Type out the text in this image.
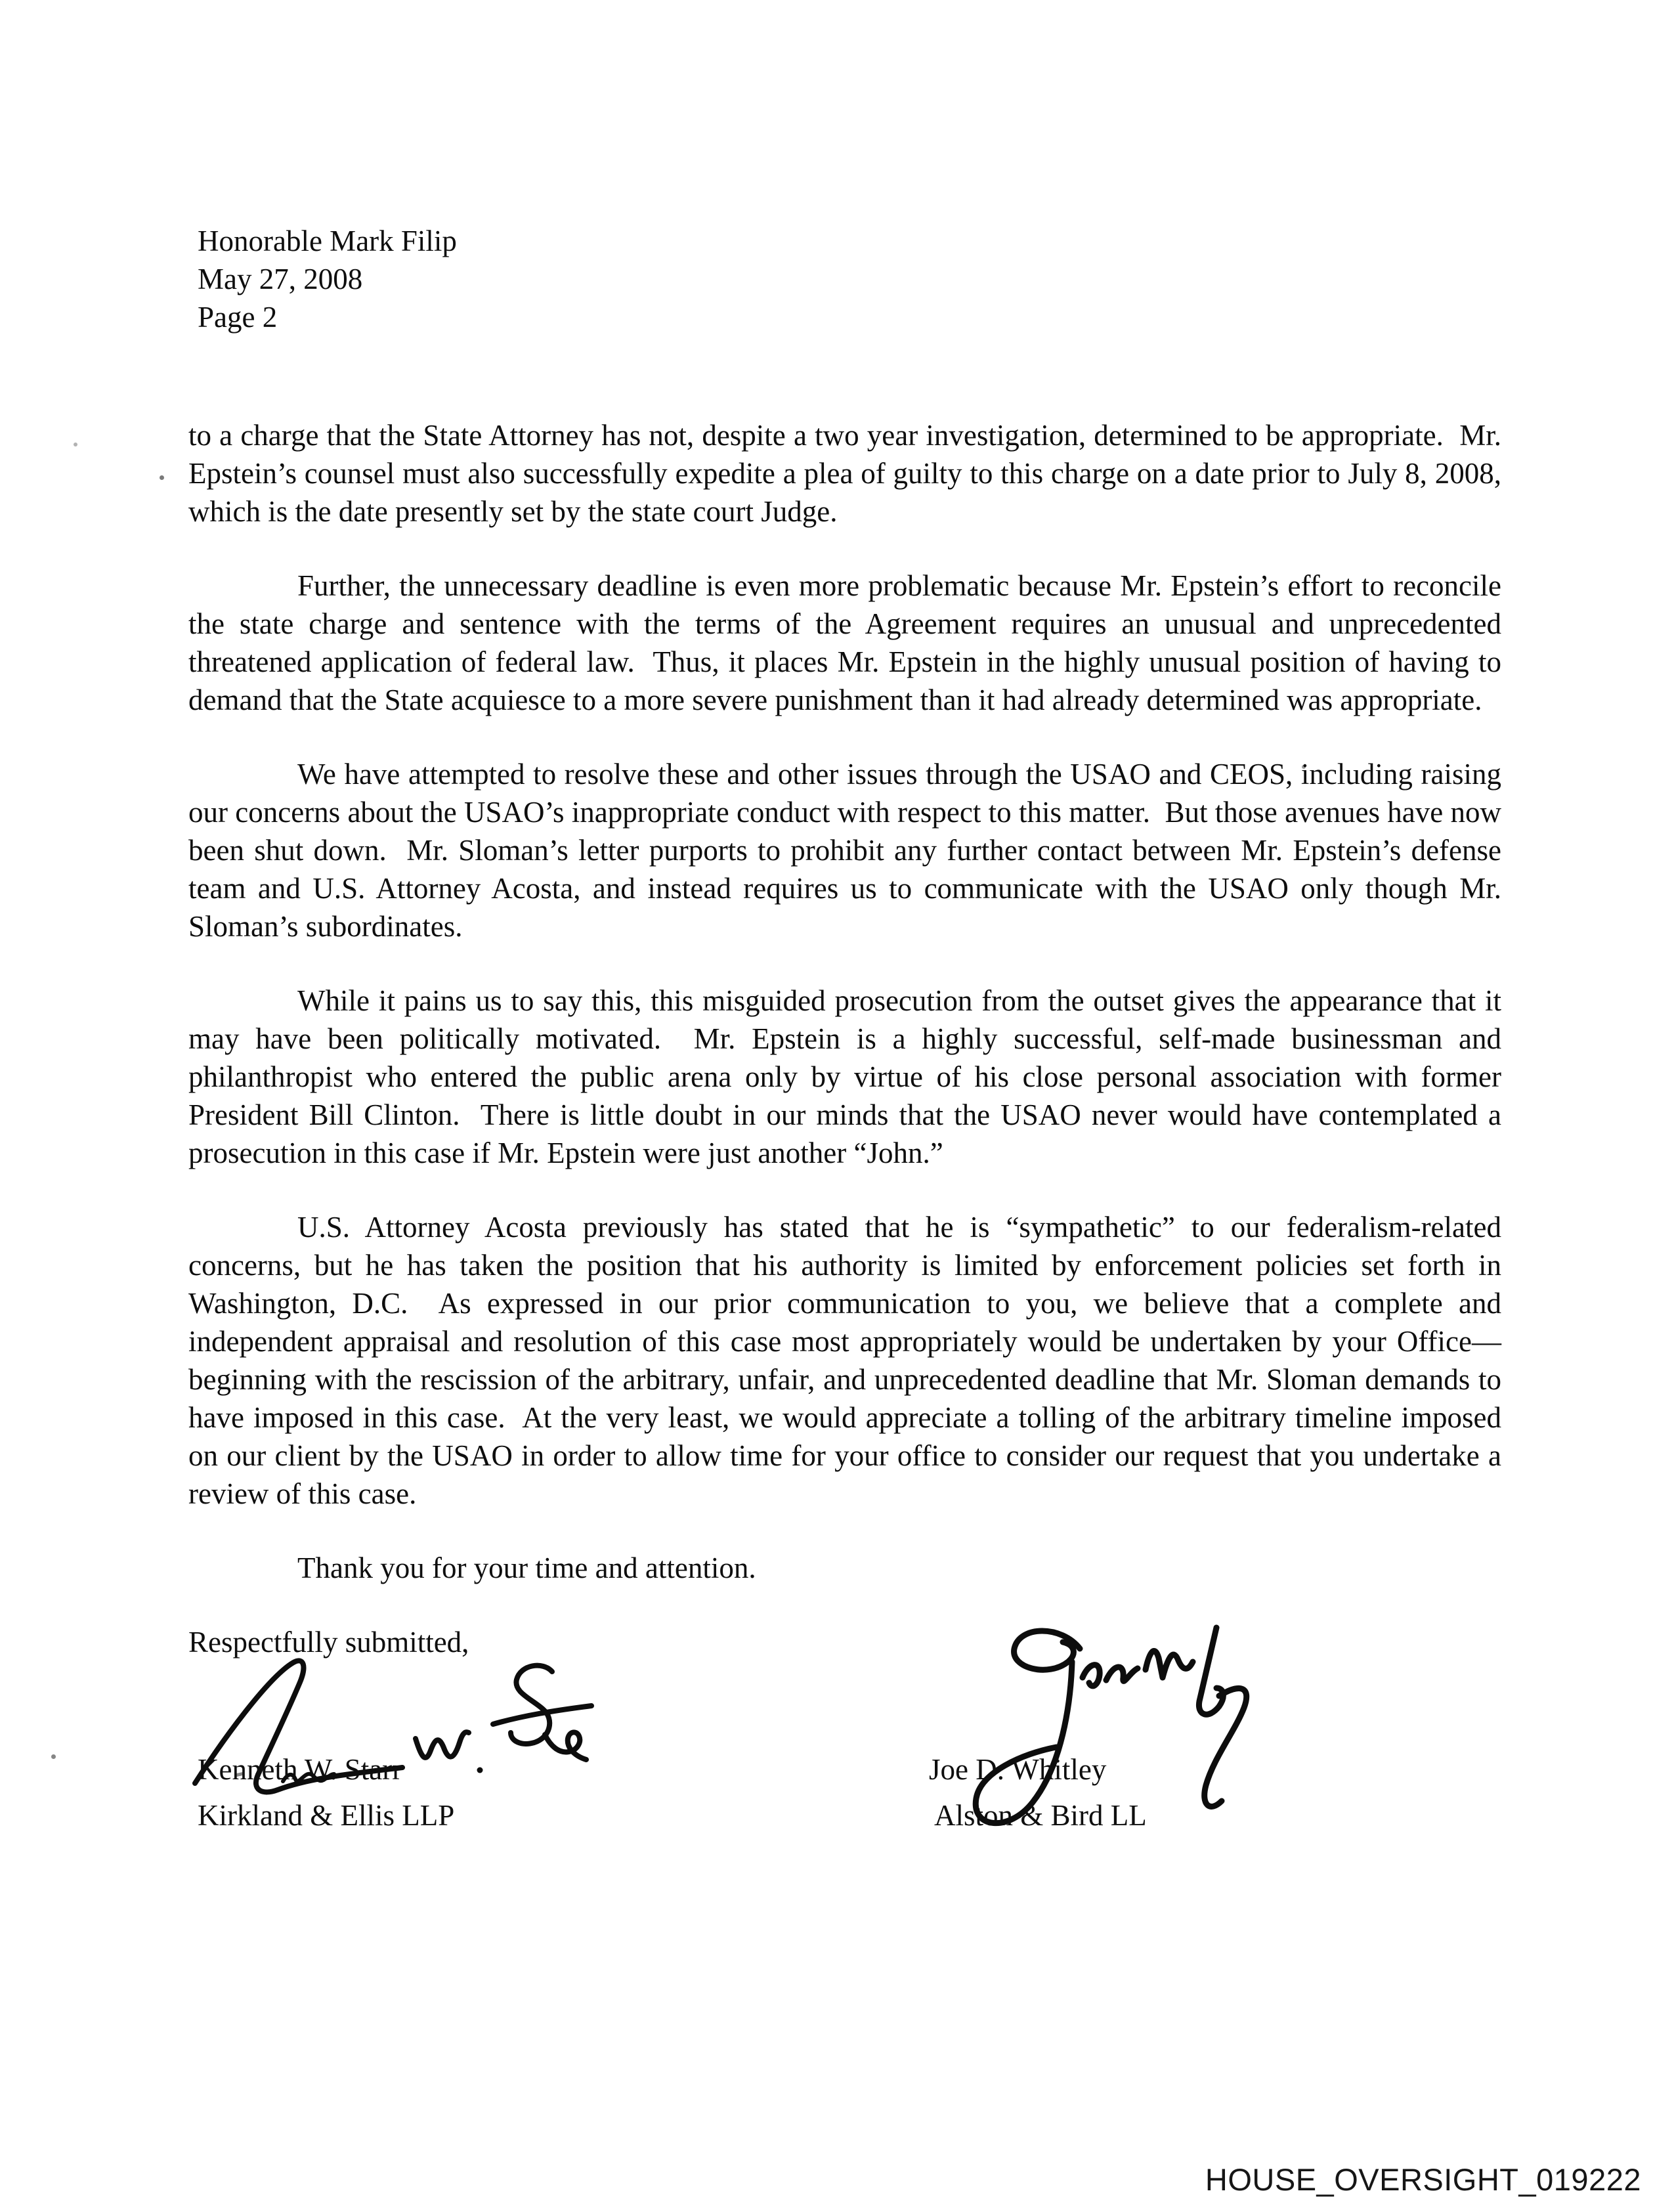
Honorable Mark Filip

May 27, 2008

Page 2

to a charge that the State Attorney has not, despite a two year investigation, determined to be appropriate.  Mr. Epstein’s counsel must also successfully expedite a plea of guilty to this charge on a date prior to July 8, 2008, which is the date presently set by the state court Judge.

Further, the unnecessary deadline is even more problematic because Mr. Epstein’s effort to reconcile the state charge and sentence with the terms of the Agreement requires an unusual and unprecedented threatened application of federal law.  Thus, it places Mr. Epstein in the highly unusual position of having to demand that the State acquiesce to a more severe punishment than it had already determined was appropriate.

We have attempted to resolve these and other issues through the USAO and CEOS, including raising our concerns about the USAO’s inappropriate conduct with respect to this matter.  But those avenues have now been shut down.  Mr. Sloman’s letter purports to prohibit any further contact between Mr. Epstein’s defense team and U.S. Attorney Acosta, and instead requires us to communicate with the USAO only though Mr. Sloman’s subordinates.

While it pains us to say this, this misguided prosecution from the outset gives the appearance that it may have been politically motivated.  Mr. Epstein is a highly successful, self-made businessman and philanthropist who entered the public arena only by virtue of his close personal association with former President Bill Clinton.  There is little doubt in our minds that the USAO never would have contemplated a prosecution in this case if Mr. Epstein were just another “John.”

U.S. Attorney Acosta previously has stated that he is “sympathetic” to our federalism-related concerns, but he has taken the position that his authority is limited by enforcement policies set forth in Washington, D.C.  As expressed in our prior communication to you, we believe that a complete and independent appraisal and resolution of this case most appropriately would be undertaken by your Office—beginning with the rescission of the arbitrary, unfair, and unprecedented deadline that Mr. Sloman demands to have imposed in this case.  At the very least, we would appreciate a tolling of the arbitrary timeline imposed on our client by the USAO in order to allow time for your office to consider our request that you undertake a review of this case.

Thank you for your time and attention.

Respectfully submitted,

Kenneth W. Starr
Kirkland & Ellis LLP
Joe D. Whitley
Alston & Bird LL
HOUSE_OVERSIGHT_019222
